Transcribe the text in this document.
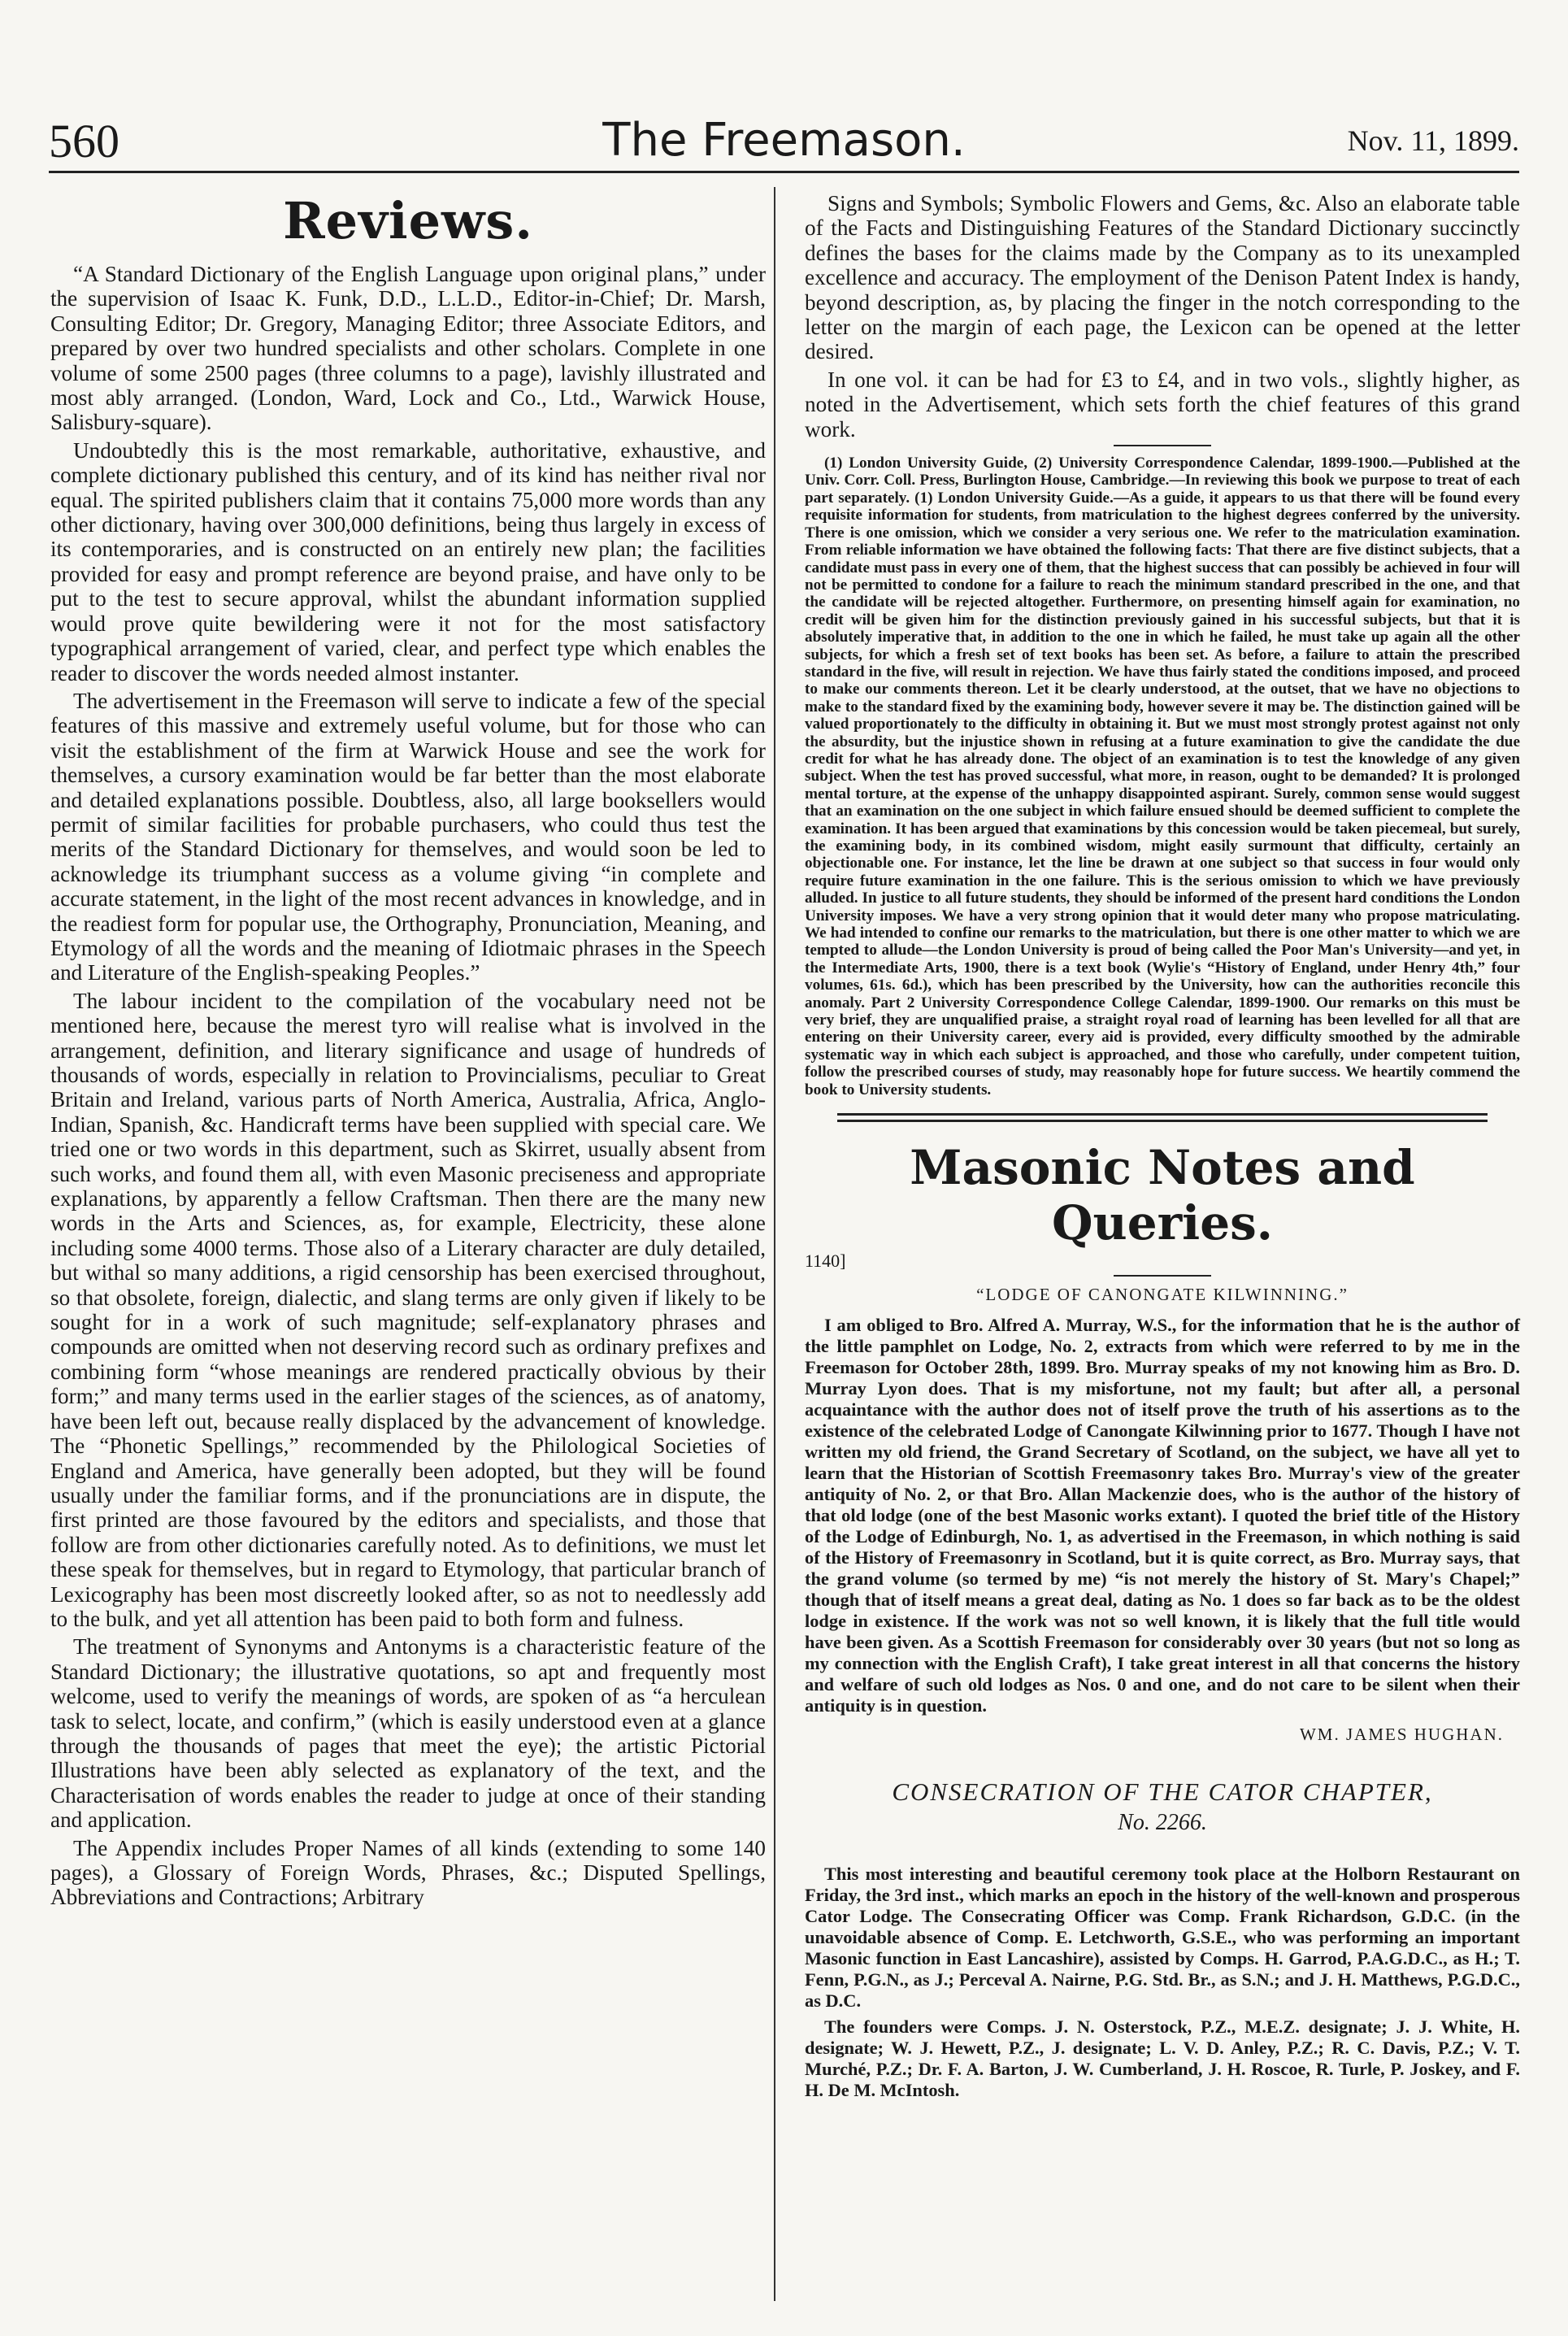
560	The Freemason.	Nov. 11, 1899.
Reviews.

“A Standard Dictionary of the English Language upon original plans,” under the supervision of Isaac K. Funk, D.D., L.L.D., Editor-in-Chief; Dr. Marsh, Consulting Editor; Dr. Gregory, Managing Editor; three Associate Editors, and prepared by over two hundred specialists and other scholars. Complete in one volume of some 2500 pages (three columns to a page), lavishly illustrated and most ably arranged. (London, Ward, Lock and Co., Ltd., Warwick House, Salisbury-square).

Undoubtedly this is the most remarkable, authoritative, exhaustive, and complete dictionary published this century, and of its kind has neither rival nor equal. The spirited publishers claim that it contains 75,000 more words than any other dictionary, having over 300,000 definitions, being thus largely in excess of its contemporaries, and is constructed on an entirely new plan; the facilities provided for easy and prompt reference are beyond praise, and have only to be put to the test to secure approval, whilst the abundant information supplied would prove quite bewildering were it not for the most satisfactory typographical arrangement of varied, clear, and perfect type which enables the reader to discover the words needed almost instanter.

The advertisement in the Freemason will serve to indicate a few of the special features of this massive and extremely useful volume, but for those who can visit the establishment of the firm at Warwick House and see the work for themselves, a cursory examination would be far better than the most elaborate and detailed explanations possible. Doubtless, also, all large booksellers would permit of similar facilities for probable purchasers, who could thus test the merits of the Standard Dictionary for themselves, and would soon be led to acknowledge its triumphant success as a volume giving “in complete and accurate statement, in the light of the most recent advances in knowledge, and in the readiest form for popular use, the Orthography, Pronunciation, Meaning, and Etymology of all the words and the meaning of Idiotmaic phrases in the Speech and Literature of the English-speaking Peoples.”

The labour incident to the compilation of the vocabulary need not be mentioned here, because the merest tyro will realise what is involved in the arrangement, definition, and literary significance and usage of hundreds of thousands of words, especially in relation to Provincialisms, peculiar to Great Britain and Ireland, various parts of North America, Australia, Africa, Anglo-Indian, Spanish, &c. Handicraft terms have been supplied with special care. We tried one or two words in this department, such as Skirret, usually absent from such works, and found them all, with even Masonic preciseness and appropriate explanations, by apparently a fellow Craftsman. Then there are the many new words in the Arts and Sciences, as, for example, Electricity, these alone including some 4000 terms. Those also of a Literary character are duly detailed, but withal so many additions, a rigid censorship has been exercised throughout, so that obsolete, foreign, dialectic, and slang terms are only given if likely to be sought for in a work of such magnitude; self-explanatory phrases and compounds are omitted when not deserving record such as ordinary prefixes and combining form “whose meanings are rendered practically obvious by their form;” and many terms used in the earlier stages of the sciences, as of anatomy, have been left out, because really displaced by the advancement of knowledge. The “Phonetic Spellings,” recommended by the Philological Societies of England and America, have generally been adopted, but they will be found usually under the familiar forms, and if the pronunciations are in dispute, the first printed are those favoured by the editors and specialists, and those that follow are from other dictionaries carefully noted. As to definitions, we must let these speak for themselves, but in regard to Etymology, that particular branch of Lexicography has been most discreetly looked after, so as not to needlessly add to the bulk, and yet all attention has been paid to both form and fulness.

The treatment of Synonyms and Antonyms is a characteristic feature of the Standard Dictionary; the illustrative quotations, so apt and frequently most welcome, used to verify the meanings of words, are spoken of as “a herculean task to select, locate, and confirm,” (which is easily understood even at a glance through the thousands of pages that meet the eye); the artistic Pictorial Illustrations have been ably selected as explanatory of the text, and the Characterisation of words enables the reader to judge at once of their standing and application.

The Appendix includes Proper Names of all kinds (extending to some 140 pages), a Glossary of Foreign Words, Phrases, &c.; Disputed Spellings, Abbreviations and Contractions; Arbitrary

Signs and Symbols; Symbolic Flowers and Gems, &c. Also an elaborate table of the Facts and Distinguishing Features of the Standard Dictionary succinctly defines the bases for the claims made by the Company as to its unexampled excellence and accuracy. The employment of the Denison Patent Index is handy, beyond description, as, by placing the finger in the notch corresponding to the letter on the margin of each page, the Lexicon can be opened at the letter desired.

In one vol. it can be had for £3 to £4, and in two vols., slightly higher, as noted in the Advertisement, which sets forth the chief features of this grand work.

(1) London University Guide, (2) University Correspondence Calendar, 1899-1900.—Published at the Univ. Corr. Coll. Press, Burlington House, Cambridge.—In reviewing this book we purpose to treat of each part separately. (1) London University Guide.—As a guide, it appears to us that there will be found every requisite information for students, from matriculation to the highest degrees conferred by the university. There is one omission, which we consider a very serious one. We refer to the matriculation examination. From reliable information we have obtained the following facts: That there are five distinct subjects, that a candidate must pass in every one of them, that the highest success that can possibly be achieved in four will not be permitted to condone for a failure to reach the minimum standard prescribed in the one, and that the candidate will be rejected altogether. Furthermore, on presenting himself again for examination, no credit will be given him for the distinction previously gained in his successful subjects, but that it is absolutely imperative that, in addition to the one in which he failed, he must take up again all the other subjects, for which a fresh set of text books has been set. As before, a failure to attain the prescribed standard in the five, will result in rejection. We have thus fairly stated the conditions imposed, and proceed to make our comments thereon. Let it be clearly understood, at the outset, that we have no objections to make to the standard fixed by the examining body, however severe it may be. The distinction gained will be valued proportionately to the difficulty in obtaining it. But we must most strongly protest against not only the absurdity, but the injustice shown in refusing at a future examination to give the candidate the due credit for what he has already done. The object of an examination is to test the knowledge of any given subject. When the test has proved successful, what more, in reason, ought to be demanded? It is prolonged mental torture, at the expense of the unhappy disappointed aspirant. Surely, common sense would suggest that an examination on the one subject in which failure ensued should be deemed sufficient to complete the examination. It has been argued that examinations by this concession would be taken piecemeal, but surely, the examining body, in its combined wisdom, might easily surmount that difficulty, certainly an objectionable one. For instance, let the line be drawn at one subject so that success in four would only require future examination in the one failure. This is the serious omission to which we have previously alluded. In justice to all future students, they should be informed of the present hard conditions the London University imposes. We have a very strong opinion that it would deter many who propose matriculating. We had intended to confine our remarks to the matriculation, but there is one other matter to which we are tempted to allude—the London University is proud of being called the Poor Man's University—and yet, in the Intermediate Arts, 1900, there is a text book (Wylie's “History of England, under Henry 4th,” four volumes, 61s. 6d.), which has been prescribed by the University, how can the authorities reconcile this anomaly. Part 2 University Correspondence College Calendar, 1899-1900. Our remarks on this must be very brief, they are unqualified praise, a straight royal road of learning has been levelled for all that are entering on their University career, every aid is provided, every difficulty smoothed by the admirable systematic way in which each subject is approached, and those who carefully, under competent tuition, follow the prescribed courses of study, may reasonably hope for future success. We heartily commend the book to University students.

Masonic Notes and Queries.
1140]
“LODGE OF CANONGATE KILWINNING.”

I am obliged to Bro. Alfred A. Murray, W.S., for the information that he is the author of the little pamphlet on Lodge, No. 2, extracts from which were referred to by me in the Freemason for October 28th, 1899. Bro. Murray speaks of my not knowing him as Bro. D. Murray Lyon does. That is my misfortune, not my fault; but after all, a personal acquaintance with the author does not of itself prove the truth of his assertions as to the existence of the celebrated Lodge of Canongate Kilwinning prior to 1677. Though I have not written my old friend, the Grand Secretary of Scotland, on the subject, we have all yet to learn that the Historian of Scottish Freemasonry takes Bro. Murray's view of the greater antiquity of No. 2, or that Bro. Allan Mackenzie does, who is the author of the history of that old lodge (one of the best Masonic works extant). I quoted the brief title of the History of the Lodge of Edinburgh, No. 1, as advertised in the Freemason, in which nothing is said of the History of Freemasonry in Scotland, but it is quite correct, as Bro. Murray says, that the grand volume (so termed by me) “is not merely the history of St. Mary's Chapel;” though that of itself means a great deal, dating as No. 1 does so far back as to be the oldest lodge in existence. If the work was not so well known, it is likely that the full title would have been given. As a Scottish Freemason for considerably over 30 years (but not so long as my connection with the English Craft), I take great interest in all that concerns the history and welfare of such old lodges as Nos. 0 and one, and do not care to be silent when their antiquity is in question.

WM. JAMES HUGHAN.
CONSECRATION OF THE CATOR CHAPTER,
No. 2266.

This most interesting and beautiful ceremony took place at the Holborn Restaurant on Friday, the 3rd inst., which marks an epoch in the history of the well-known and prosperous Cator Lodge. The Consecrating Officer was Comp. Frank Richardson, G.D.C. (in the unavoidable absence of Comp. E. Letchworth, G.S.E., who was performing an important Masonic function in East Lancashire), assisted by Comps. H. Garrod, P.A.G.D.C., as H.; T. Fenn, P.G.N., as J.; Perceval A. Nairne, P.G. Std. Br., as S.N.; and J. H. Matthews, P.G.D.C., as D.C.

The founders were Comps. J. N. Osterstock, P.Z., M.E.Z. designate; J. J. White, H. designate; W. J. Hewett, P.Z., J. designate; L. V. D. Anley, P.Z.; R. C. Davis, P.Z.; V. T. Murché, P.Z.; Dr. F. A. Barton, J. W. Cumberland, J. H. Roscoe, R. Turle, P. Joskey, and F. H. De M. McIntosh.
